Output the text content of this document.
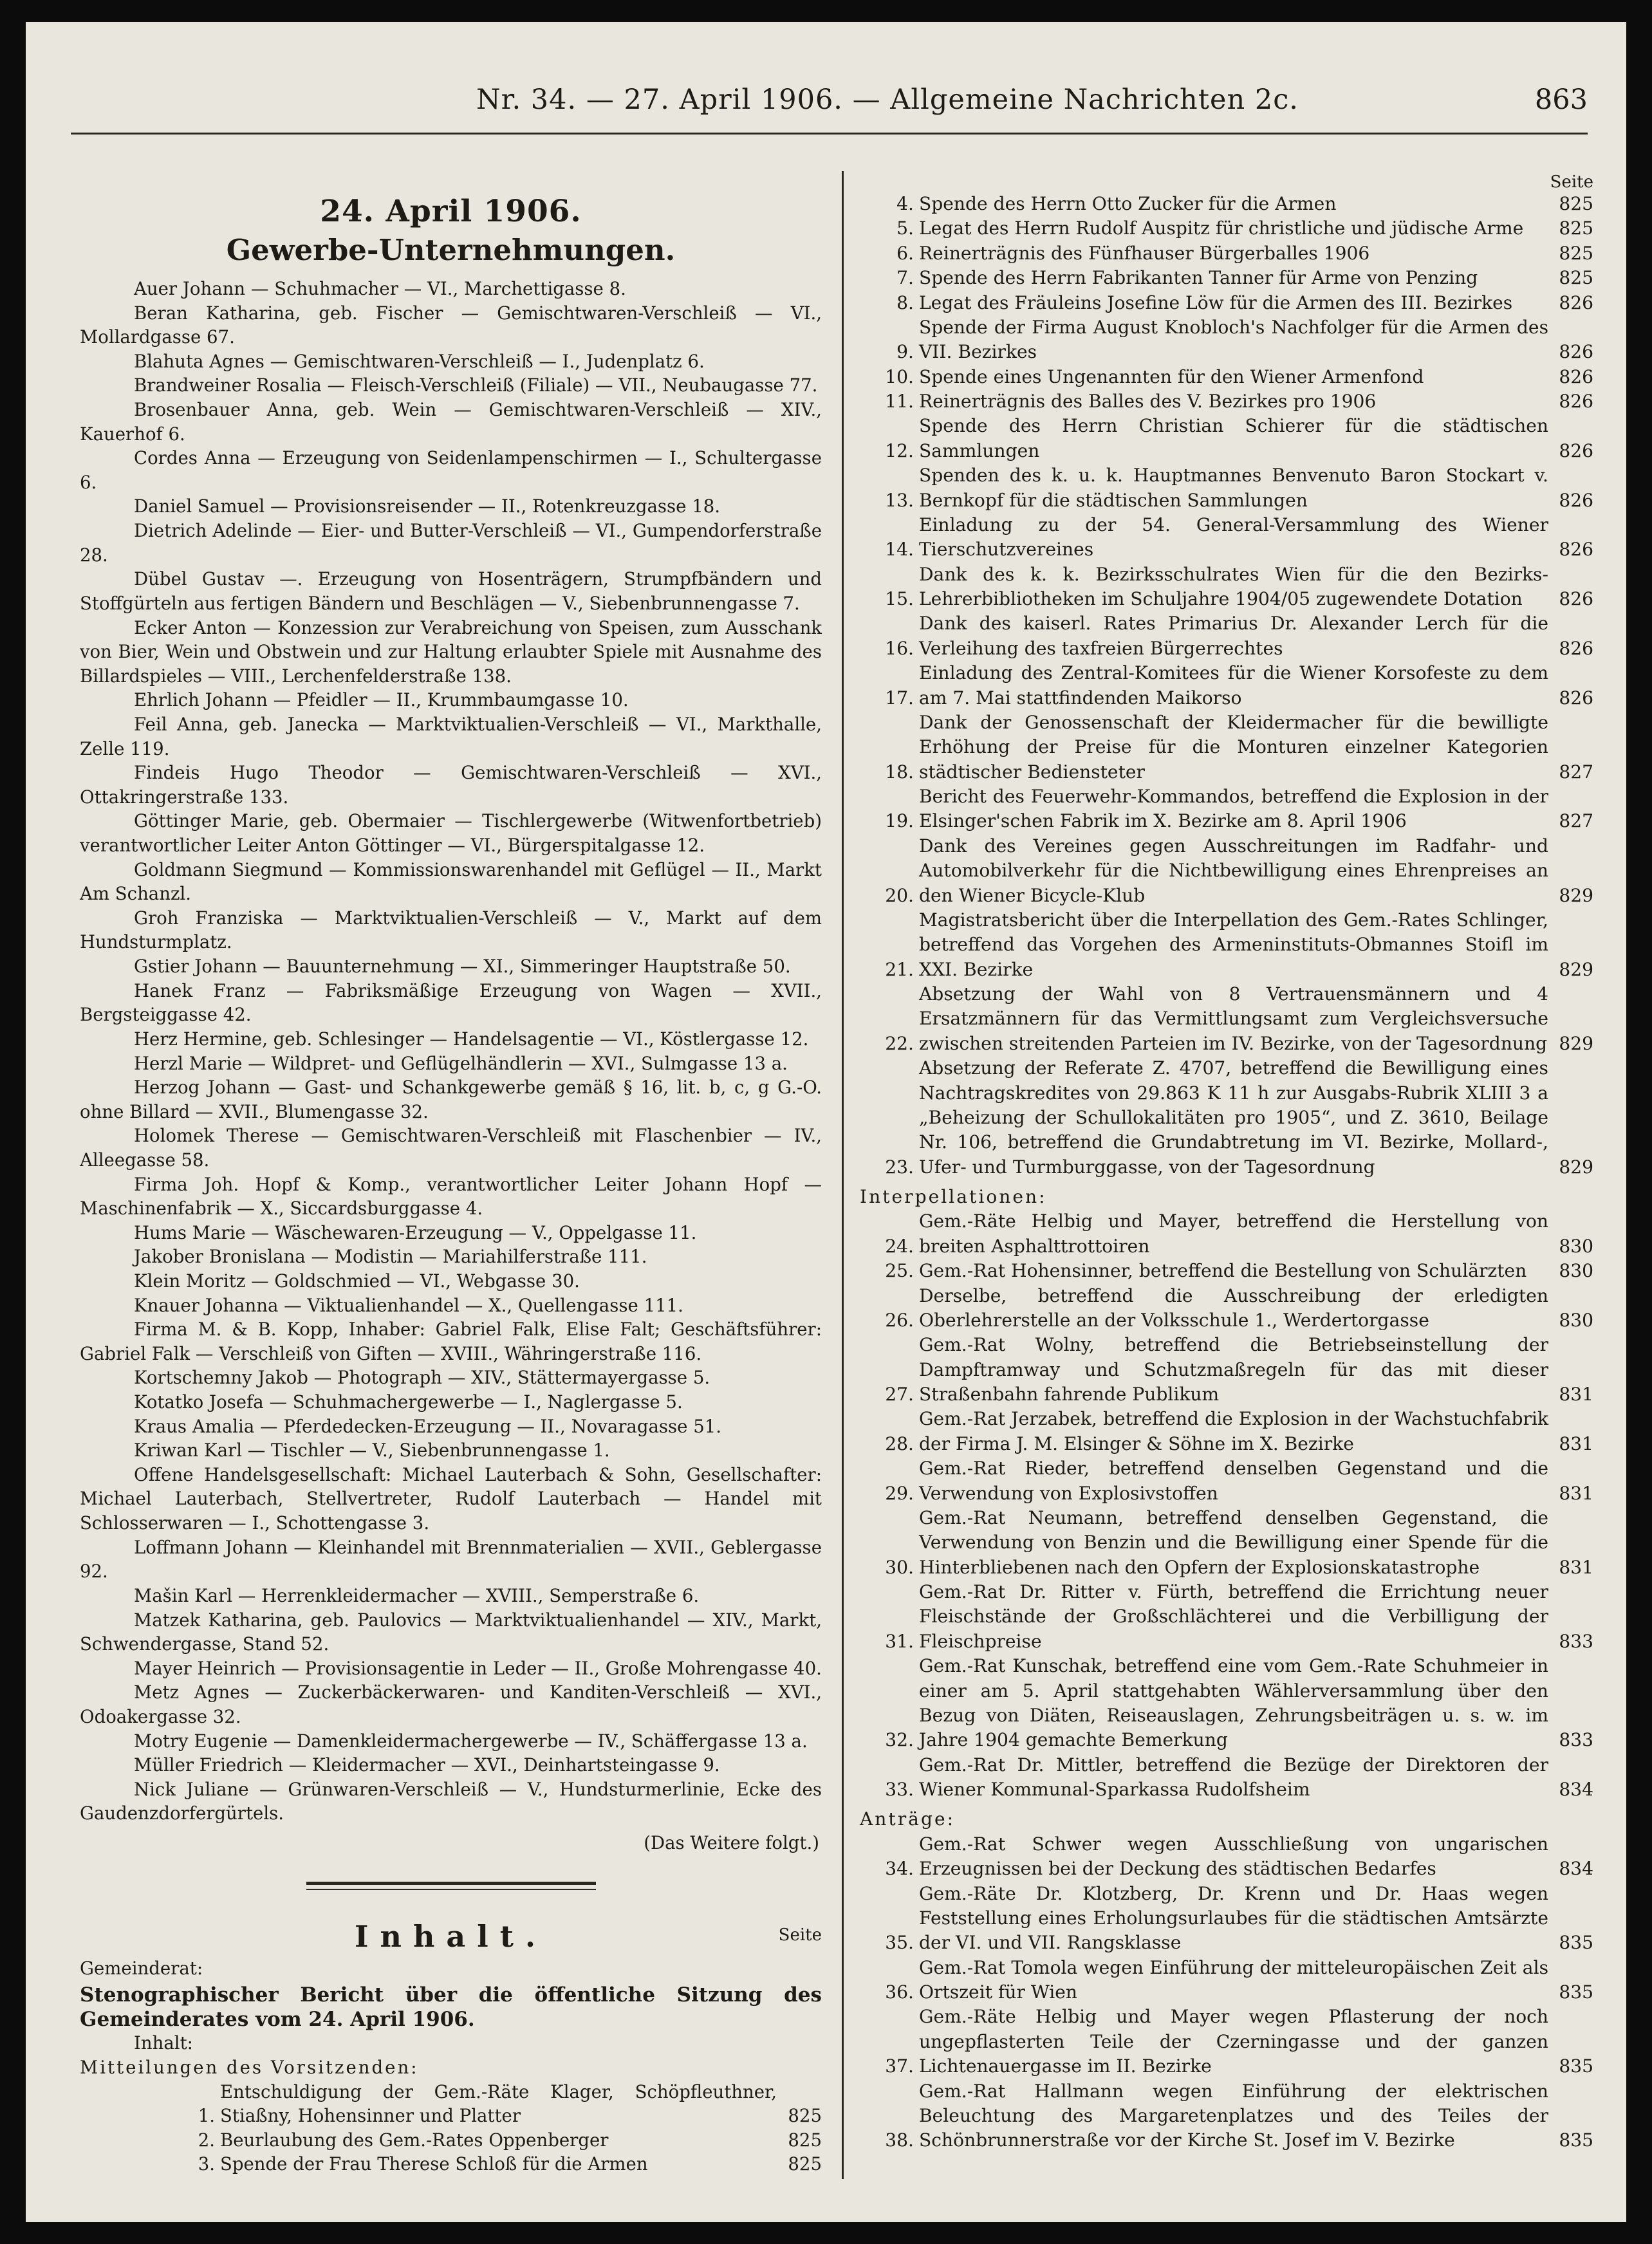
Nr. 34. — 27. April 1906. — Allgemeine Nachrichten 2c.	863
24. April 1906.
Gewerbe-Unternehmungen.

Auer Johann — Schuhmacher — VI., Marchettigasse 8.

Beran Katharina, geb. Fischer — Gemischtwaren-Verschleiß — VI., Mollardgasse 67.

Blahuta Agnes — Gemischtwaren-Verschleiß — I., Judenplatz 6.

Brandweiner Rosalia — Fleisch-Verschleiß (Filiale) — VII., Neubaugasse 77.

Brosenbauer Anna, geb. Wein — Gemischtwaren-Verschleiß — XIV., Kauerhof 6.

Cordes Anna — Erzeugung von Seidenlampenschirmen — I., Schultergasse 6.

Daniel Samuel — Provisionsreisender — II., Rotenkreuzgasse 18.

Dietrich Adelinde — Eier- und Butter-Verschleiß — VI., Gumpendorferstraße 28.

Dübel Gustav —. Erzeugung von Hosenträgern, Strumpfbändern und Stoffgürteln aus fertigen Bändern und Beschlägen — V., Siebenbrunnengasse 7.

Ecker Anton — Konzession zur Verabreichung von Speisen, zum Ausschank von Bier, Wein und Obstwein und zur Haltung erlaubter Spiele mit Ausnahme des Billardspieles — VIII., Lerchenfelderstraße 138.

Ehrlich Johann — Pfeidler — II., Krummbaumgasse 10.

Feil Anna, geb. Janecka — Marktviktualien-Verschleiß — VI., Markthalle, Zelle 119.

Findeis Hugo Theodor — Gemischtwaren-Verschleiß — XVI., Ottakringerstraße 133.

Göttinger Marie, geb. Obermaier — Tischlergewerbe (Witwenfortbetrieb) verantwortlicher Leiter Anton Göttinger — VI., Bürgerspitalgasse 12.

Goldmann Siegmund — Kommissionswarenhandel mit Geflügel — II., Markt Am Schanzl.

Groh Franziska — Marktviktualien-Verschleiß — V., Markt auf dem Hundsturmplatz.

Gstier Johann — Bauunternehmung — XI., Simmeringer Hauptstraße 50.

Hanek Franz — Fabriksmäßige Erzeugung von Wagen — XVII., Bergsteiggasse 42.

Herz Hermine, geb. Schlesinger — Handelsagentie — VI., Köstlergasse 12.

Herzl Marie — Wildpret- und Geflügelhändlerin — XVI., Sulmgasse 13 a.

Herzog Johann — Gast- und Schankgewerbe gemäß § 16, lit. b, c, g G.-O. ohne Billard — XVII., Blumengasse 32.

Holomek Therese — Gemischtwaren-Verschleiß mit Flaschenbier — IV., Alleegasse 58.

Firma Joh. Hopf & Komp., verantwortlicher Leiter Johann Hopf — Maschinenfabrik — X., Siccardsburggasse 4.

Hums Marie — Wäschewaren-Erzeugung — V., Oppelgasse 11.

Jakober Bronislana — Modistin — Mariahilferstraße 111.

Klein Moritz — Goldschmied — VI., Webgasse 30.

Knauer Johanna — Viktualienhandel — X., Quellengasse 111.

Firma M. & B. Kopp, Inhaber: Gabriel Falk, Elise Falt; Geschäftsführer: Gabriel Falk — Verschleiß von Giften — XVIII., Währingerstraße 116.

Kortschemny Jakob — Photograph — XIV., Stättermayergasse 5.

Kotatko Josefa — Schuhmachergewerbe — I., Naglergasse 5.

Kraus Amalia — Pferdedecken-Erzeugung — II., Novaragasse 51.

Kriwan Karl — Tischler — V., Siebenbrunnengasse 1.

Offene Handelsgesellschaft: Michael Lauterbach & Sohn, Gesellschafter: Michael Lauterbach, Stellvertreter, Rudolf Lauterbach — Handel mit Schlosserwaren — I., Schottengasse 3.

Loffmann Johann — Kleinhandel mit Brennmaterialien — XVII., Geblergasse 92.

Mašin Karl — Herrenkleidermacher — XVIII., Semperstraße 6.

Matzek Katharina, geb. Paulovics — Marktviktualienhandel — XIV., Markt, Schwendergasse, Stand 52.

Mayer Heinrich — Provisionsagentie in Leder — II., Große Mohrengasse 40.

Metz Agnes — Zuckerbäckerwaren- und Kanditen-Verschleiß — XVI., Odoakergasse 32.

Motry Eugenie — Damenkleidermachergewerbe — IV., Schäffergasse 13 a.

Müller Friedrich — Kleidermacher — XVI., Deinhartsteingasse 9.

Nick Juliane — Grünwaren-Verschleiß — V., Hundsturmerlinie, Ecke des Gaudenzdorfergürtels.

(Das Weitere folgt.)
Inhalt.	Seite

Gemeinderat:

Stenographischer Bericht über die öffentliche Sitzung des Gemeinderates vom 24. April 1906.

Inhalt:

Mitteilungen des Vorsitzenden:

1.
Entschuldigung der Gem.-Räte Klager, Schöpfleuthner, Stiaßny, Hohensinner und Platter	825
2. Beurlaubung des Gem.-Rates Oppenberger	825
3. Spende der Frau Therese Schloß für die Armen	825
Seite
4. Spende des Herrn Otto Zucker für die Armen	825
5. Legat des Herrn Rudolf Auspitz für christliche und jüdische Arme	825
6. Reinerträgnis des Fünfhauser Bürgerballes 1906	825
7. Spende des Herrn Fabrikanten Tanner für Arme von Penzing	825
8. Legat des Fräuleins Josefine Löw für die Armen des III. Bezirkes	826
9.
Spende der Firma August Knobloch's Nachfolger für die Armen des VII. Bezirkes	826
10. Spende eines Ungenannten für den Wiener Armenfond	826
11. Reinerträgnis des Balles des V. Bezirkes pro 1906	826
12.
Spende des Herrn Christian Schierer für die städtischen Sammlungen	826
13.
Spenden des k. u. k. Hauptmannes Benvenuto Baron Stockart v. Bernkopf für die städtischen Sammlungen	826
14.
Einladung zu der 54. General-Versammlung des Wiener Tierschutzvereines	826
15.
Dank des k. k. Bezirksschulrates Wien für die den Bezirks-Lehrerbibliotheken im Schuljahre 1904/05 zugewendete Dotation	826
16.
Dank des kaiserl. Rates Primarius Dr. Alexander Lerch für die Verleihung des taxfreien Bürgerrechtes	826
17.
Einladung des Zentral-Komitees für die Wiener Korsofeste zu dem am 7. Mai stattfindenden Maikorso	826
18.
Dank der Genossenschaft der Kleidermacher für die bewilligte Erhöhung der Preise für die Monturen einzelner Kategorien städtischer Bediensteter	827
19.
Bericht des Feuerwehr-Kommandos, betreffend die Explosion in der Elsinger'schen Fabrik im X. Bezirke am 8. April 1906	827
20.
Dank des Vereines gegen Ausschreitungen im Radfahr- und Automobilverkehr für die Nichtbewilligung eines Ehrenpreises an den Wiener Bicycle-Klub	829
21.
Magistratsbericht über die Interpellation des Gem.-Rates Schlinger, betreffend das Vorgehen des Armeninstituts-Obmannes Stoifl im XXI. Bezirke	829
22.
Absetzung der Wahl von 8 Vertrauensmännern und 4 Ersatzmännern für das Vermittlungsamt zum Vergleichsversuche zwischen streitenden Parteien im IV. Bezirke, von der Tagesordnung 829
23.
Absetzung der Referate Z. 4707, betreffend die Bewilligung eines Nachtragskredites von 29.863 K 11 h zur Ausgabs-Rubrik XLIII 3 a „Beheizung der Schullokalitäten pro 1905“, und Z. 3610, Beilage Nr. 106, betreffend die Grundabtretung im VI. Bezirke, Mollard-, Ufer- und Turmburggasse, von der Tagesordnung	829

Interpellationen:

24.
Gem.-Räte Helbig und Mayer, betreffend die Herstellung von breiten Asphalttrottoiren	830
25. Gem.-Rat Hohensinner, betreffend die Bestellung von Schulärzten	830
26.
Derselbe, betreffend die Ausschreibung der erledigten Oberlehrerstelle an der Volksschule 1., Werdertorgasse	830
27.
Gem.-Rat Wolny, betreffend die Betriebseinstellung der Dampftramway und Schutzmaßregeln für das mit dieser Straßenbahn fahrende Publikum	831
28.
Gem.-Rat Jerzabek, betreffend die Explosion in der Wachstuchfabrik der Firma J. M. Elsinger & Söhne im X. Bezirke	831
29.
Gem.-Rat Rieder, betreffend denselben Gegenstand und die Verwendung von Explosivstoffen	831
30.
Gem.-Rat Neumann, betreffend denselben Gegenstand, die Verwendung von Benzin und die Bewilligung einer Spende für die Hinterbliebenen nach den Opfern der Explosionskatastrophe	831
31.
Gem.-Rat Dr. Ritter v. Fürth, betreffend die Errichtung neuer Fleischstände der Großschlächterei und die Verbilligung der Fleischpreise	833
32.
Gem.-Rat Kunschak, betreffend eine vom Gem.-Rate Schuhmeier in einer am 5. April stattgehabten Wählerversammlung über den Bezug von Diäten, Reiseauslagen, Zehrungsbeiträgen u. s. w. im Jahre 1904 gemachte Bemerkung	833
33.
Gem.-Rat Dr. Mittler, betreffend die Bezüge der Direktoren der Wiener Kommunal-Sparkassa Rudolfsheim	834

Anträge:

34.
Gem.-Rat Schwer wegen Ausschließung von ungarischen Erzeugnissen bei der Deckung des städtischen Bedarfes	834
35.
Gem.-Räte Dr. Klotzberg, Dr. Krenn und Dr. Haas wegen Feststellung eines Erholungsurlaubes für die städtischen Amtsärzte der VI. und VII. Rangsklasse	835
36.
Gem.-Rat Tomola wegen Einführung der mitteleuropäischen Zeit als Ortszeit für Wien	835
37.
Gem.-Räte Helbig und Mayer wegen Pflasterung der noch ungepflasterten Teile der Czerningasse und der ganzen Lichtenauergasse im II. Bezirke	835
38.
Gem.-Rat Hallmann wegen Einführung der elektrischen Beleuchtung des Margaretenplatzes und des Teiles der Schönbrunnerstraße vor der Kirche St. Josef im V. Bezirke	835
